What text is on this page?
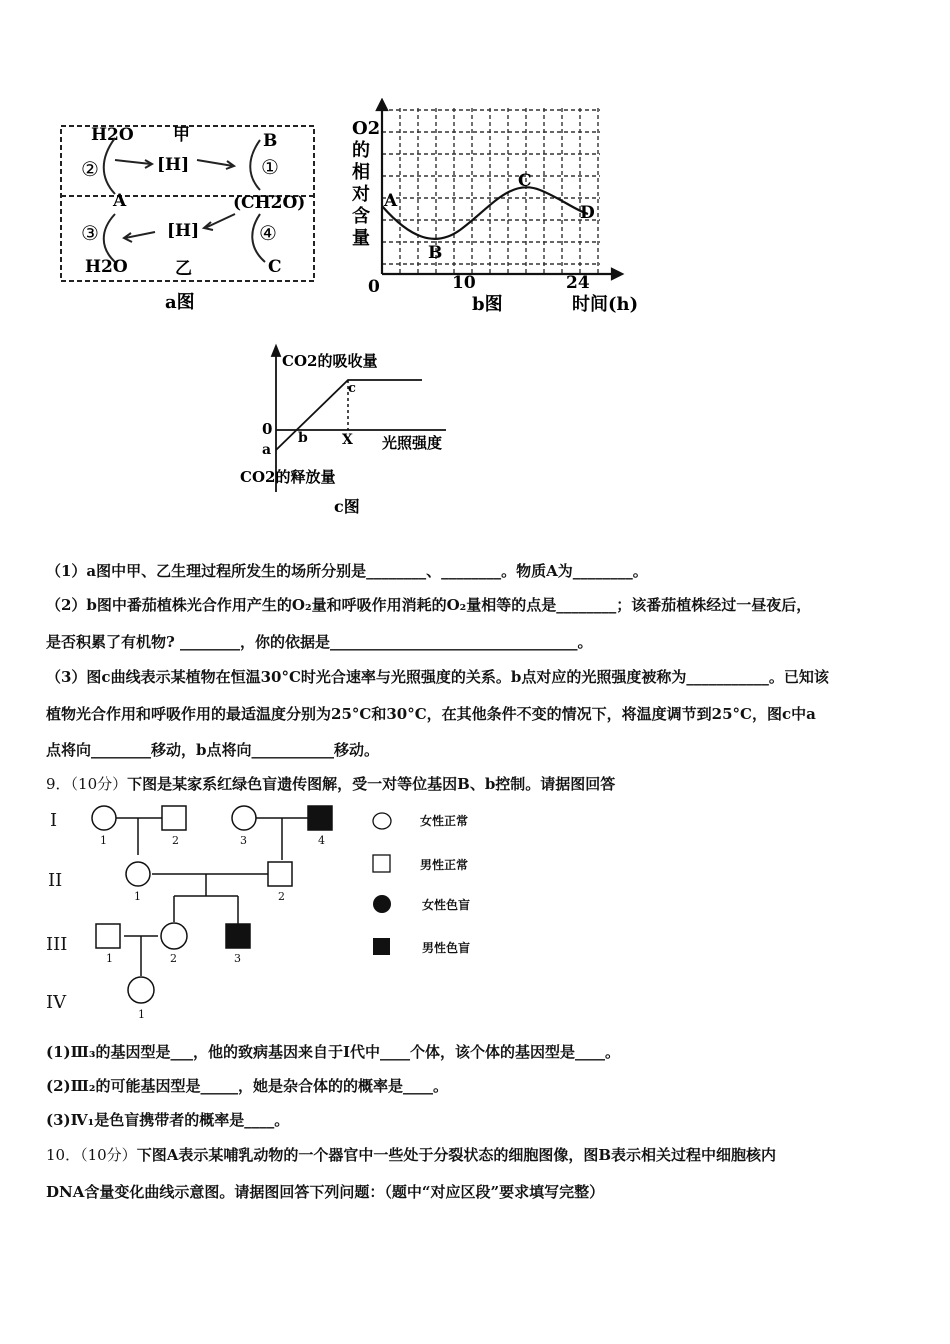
H2O 甲	B
[H]
②	①
A	(CH2O)
③	[H]	④
H2O	乙	C
a图
O2
的
相
对
含
量
A
B
C
D
0	10	24
b图	时间(h)
CO2的吸收量
0
a
b
c
X 光照强度
CO2的释放量
c图
（1）a图中甲、乙生理过程所发生的场所分别是________、________。物质A为________。
（2）b图中番茄植株光合作用产生的O₂量和呼吸作用消耗的O₂量相等的点是________；该番茄植株经过一昼夜后，
是否积累了有机物? ________，你的依据是_________________________________。
（3）图c曲线表示某植物在恒温30°C时光合速率与光照强度的关系。b点对应的光照强度被称为___________。已知该
植物光合作用和呼吸作用的最适温度分别为25°C和30°C，在其他条件不变的情况下，将温度调节到25°C，图c中a
点将向________移动，b点将向___________移动。
9．（10分）下图是某家系红绿色盲遗传图解，受一对等位基因B、b控制。请据图回答
I
II
III
IV
1	2	3	4
1	2
1	2	3
1
女性正常
男性正常
女性色盲
男性色盲
(1)Ⅲ₃的基因型是___，他的致病基因来自于Ⅰ代中____个体，该个体的基因型是____。
(2)Ⅲ₂的可能基因型是_____，她是杂合体的的概率是____。
(3)Ⅳ₁是色盲携带者的概率是____。
10．（10分）下图A表示某哺乳动物的一个器官中一些处于分裂状态的细胞图像，图B表示相关过程中细胞核内
DNA含量变化曲线示意图。请据图回答下列问题：（题中“对应区段”要求填写完整）
